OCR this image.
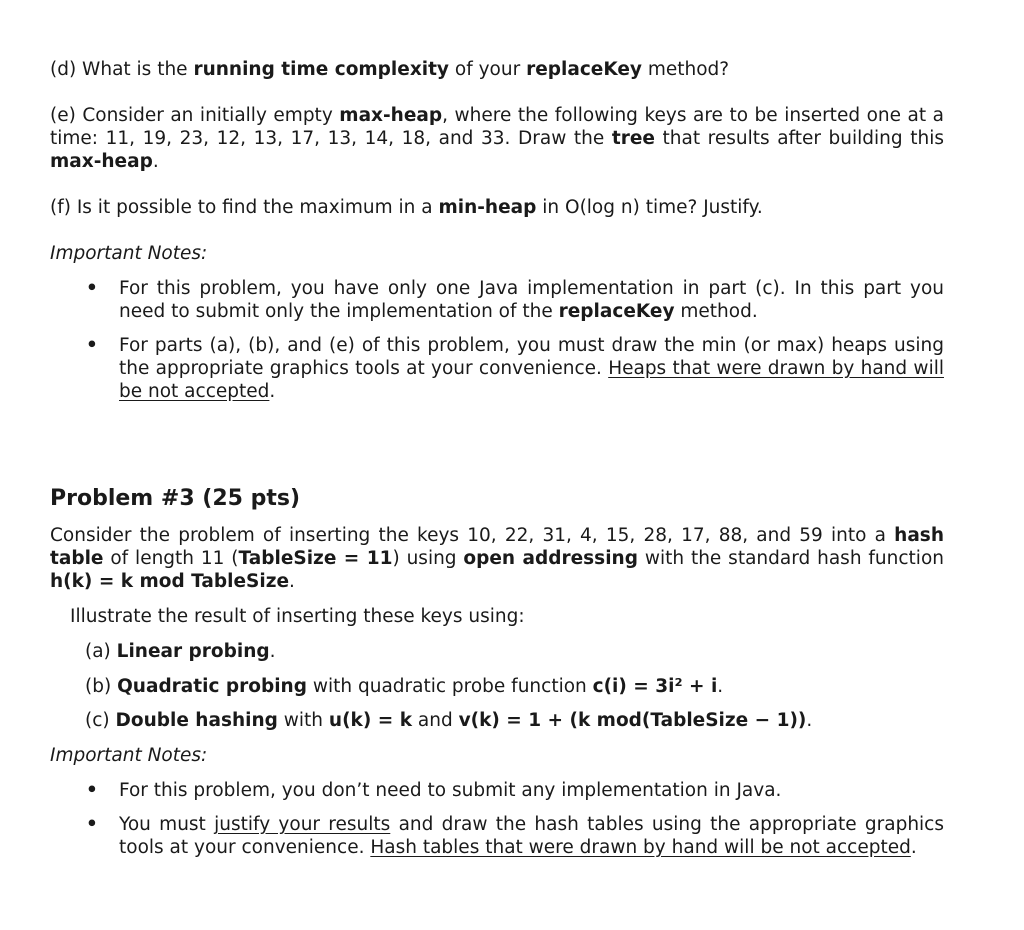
(d) What is the running time complexity of your replaceKey method?

(e) Consider an initially empty max-heap, where the following keys are to be inserted one at a time: 11, 19, 23, 12, 13, 17, 13, 14, 18, and 33. Draw the tree that results after building this max-heap.

(f) Is it possible to find the maximum in a min-heap in O(log n) time? Justify.

Important Notes:

• For this problem, you have only one Java implementation in part (c). In this part you need to submit only the implementation of the replaceKey method.
• For parts (a), (b), and (e) of this problem, you must draw the min (or max) heaps using the appropriate graphics tools at your convenience. Heaps that were drawn by hand will be not accepted.

Problem #3 (25 pts)

Consider the problem of inserting the keys 10, 22, 31, 4, 15, 28, 17, 88, and 59 into a hash table of length 11 (TableSize = 11) using open addressing with the standard hash function h(k) = k mod TableSize.

Illustrate the result of inserting these keys using:

(a) Linear probing.

(b) Quadratic probing with quadratic probe function c(i) = 3i² + i.

(c) Double hashing with u(k) = k and v(k) = 1 + (k mod(TableSize − 1)).

Important Notes:

• For this problem, you don’t need to submit any implementation in Java.
• You must justify your results and draw the hash tables using the appropriate graphics tools at your convenience. Hash tables that were drawn by hand will be not accepted.
